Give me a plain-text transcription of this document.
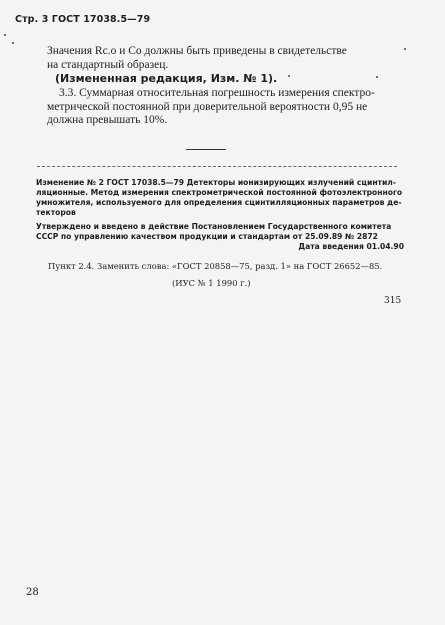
Стр. 3 ГОСТ 17038.5—79
Значения Rс.о и Со должны быть приведены в свидетельстве
на стандартный образец.
(Измененная редакция, Изм. № 1).
3.3. Суммарная относительная погрешность измерения спектро-
метрической постоянной при доверительной вероятности 0,95 не
должна превышать 10%.
Изменение № 2 ГОСТ 17038.5—79 Детекторы ионизирующих излучений сцинтил-
ляционные. Метод измерения спектрометрической постоянной фотоэлектронного
умножителя, используемого для определения сцинтилляционных параметров де-
текторов
Утверждено и введено в действие Постановлением Государственного комитета
СССР по управлению качеством продукции и стандартам от 25.09.89 № 2872
Дата введения 01.04.90
Пункт 2.4. Заменить слова: «ГОСТ 20858—75, разд. 1» на ГОСТ 26652—85.
(ИУС № 1 1990 г.)
315
28
